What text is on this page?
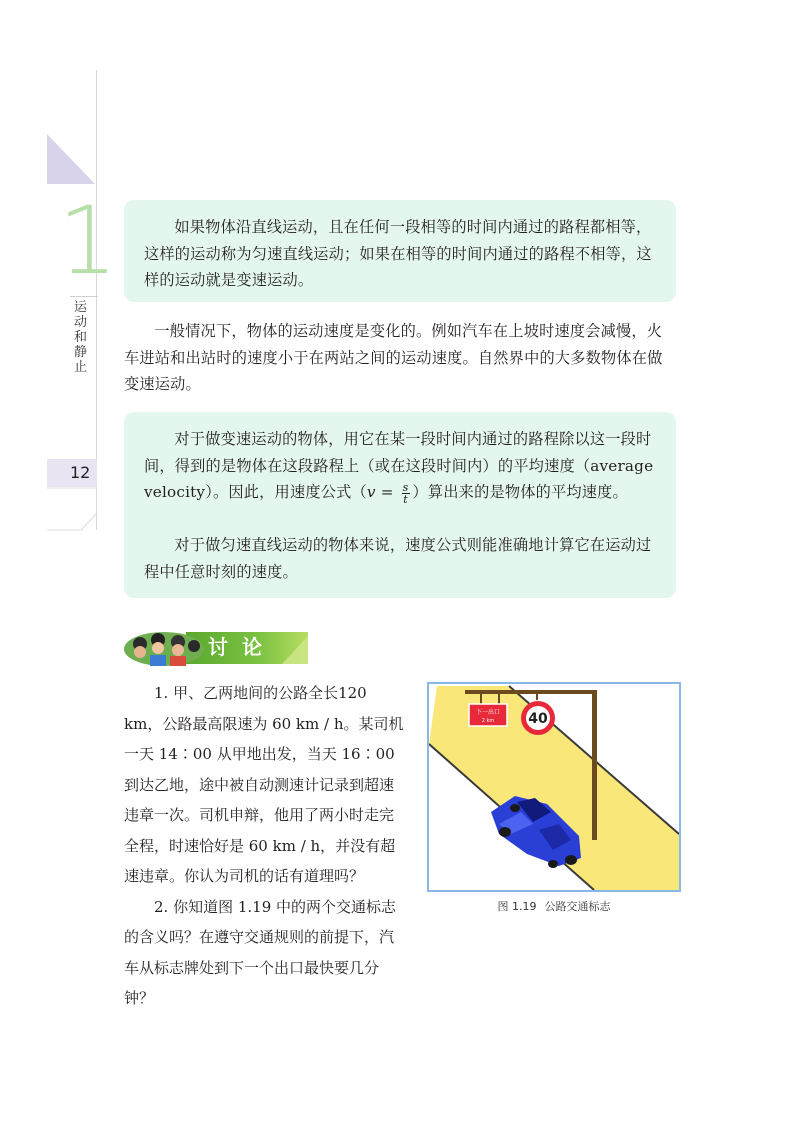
1
运动和静止
12

如果物体沿直线运动，且在任何一段相等的时间内通过的路程都相等，这样的运动称为匀速直线运动；如果在相等的时间内通过的路程不相等，这样的运动就是变速运动。

一般情况下，物体的运动速度是变化的。例如汽车在上坡时速度会减慢，火车进站和出站时的速度小于在两站之间的运动速度。自然界中的大多数物体在做变速运动。

对于做变速运动的物体，用它在某一段时间内通过的路程除以这一段时间，得到的是物体在这段路程上（或在这段时间内）的平均速度（average velocity）。因此，用速度公式（$v = \frac{s}{t}$ ）算出来的是物体的平均速度。

对于做匀速直线运动的物体来说，速度公式则能准确地计算它在运动过程中任意时刻的速度。

讨论

1. 甲、乙两地间的公路全长120 km，公路最高限速为 60 km / h。某司机一天 14∶00 从甲地出发，当天 16∶00 到达乙地，途中被自动测速计记录到超速违章一次。司机申辩，他用了两小时走完全程，时速恰好是 60 km / h，并没有超速违章。你认为司机的话有道理吗？

2. 你知道图 1.19 中的两个交通标志的含义吗？在遵守交通规则的前提下，汽车从标志牌处到下一个出口最快要几分钟？

下一出口
2 km 40
图 1.19 公路交通标志
